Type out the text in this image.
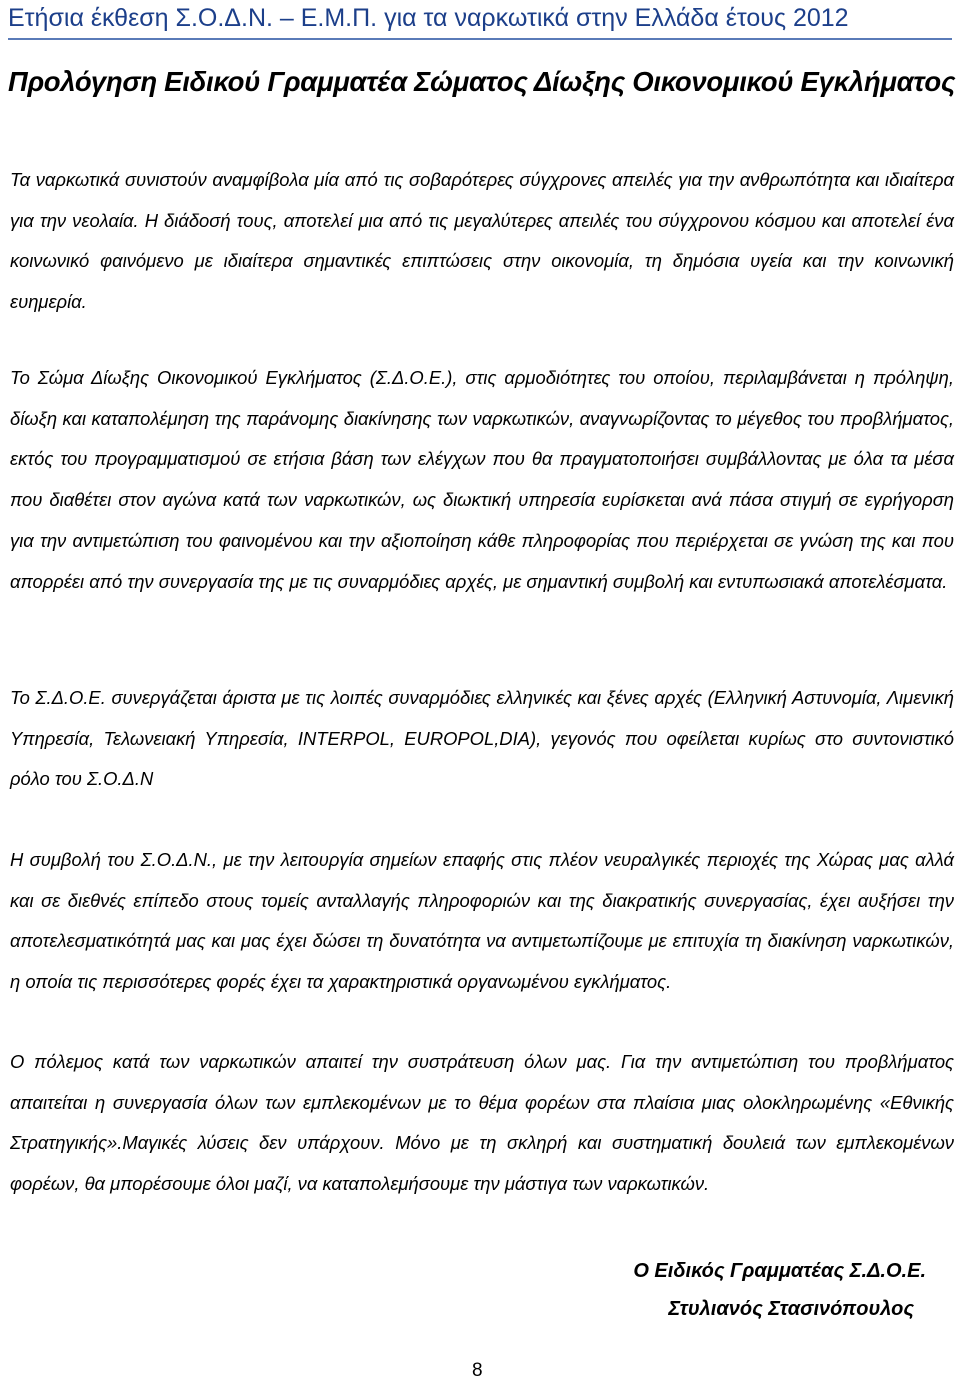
Ετήσια έκθεση Σ.Ο.Δ.Ν. – Ε.Μ.Π. για τα ναρκωτικά στην Ελλάδα έτους 2012
Προλόγηση Ειδικού Γραμματέα Σώματος Δίωξης Οικονομικού Εγκλήματος

Τα ναρκωτικά συνιστούν αναμφίβολα μία από τις σοβαρότερες σύγχρονες απειλές για την ανθρωπότητα και ιδιαίτερα για την νεολαία. Η διάδοσή τους, αποτελεί μια από τις μεγαλύτερες απειλές του σύγχρονου κόσμου και αποτελεί ένα κοινωνικό φαινόμενο με ιδιαίτερα σημαντικές επιπτώσεις στην οικονομία, τη δημόσια υγεία και την κοινωνική ευημερία.

Το Σώμα Δίωξης Οικονομικού Εγκλήματος (Σ.Δ.Ο.Ε.), στις αρμοδιότητες του οποίου, περιλαμβάνεται η πρόληψη, δίωξη και καταπολέμηση της παράνομης διακίνησης των ναρκωτικών, αναγνωρίζοντας το μέγεθος του προβλήματος, εκτός του προγραμματισμού σε ετήσια βάση των ελέγχων που θα πραγματοποιήσει συμβάλλοντας με όλα τα μέσα που διαθέτει στον αγώνα κατά των ναρκωτικών, ως διωκτική υπηρεσία ευρίσκεται ανά πάσα στιγμή σε εγρήγορση για την αντιμετώπιση του φαινομένου και την αξιοποίηση κάθε πληροφορίας που περιέρχεται σε γνώση της και που απορρέει από την συνεργασία της με τις συναρμόδιες αρχές, με σημαντική συμβολή και εντυπωσιακά αποτελέσματα.

Το Σ.Δ.Ο.Ε. συνεργάζεται άριστα με τις λοιπές συναρμόδιες ελληνικές και ξένες αρχές (Ελληνική Αστυνομία, Λιμενική Υπηρεσία, Τελωνειακή Υπηρεσία, INTERPOL, EUROPOL,DIA), γεγονός που οφείλεται κυρίως στο συντονιστικό ρόλο του Σ.Ο.Δ.Ν

Η συμβολή του Σ.Ο.Δ.Ν., με την λειτουργία σημείων επαφής στις πλέον νευραλγικές περιοχές της Χώρας μας αλλά και σε διεθνές επίπεδο στους τομείς ανταλλαγής πληροφοριών και της διακρατικής συνεργασίας, έχει αυξήσει την αποτελεσματικότητά μας και μας έχει δώσει τη δυνατότητα να αντιμετωπίζουμε με επιτυχία τη διακίνηση ναρκωτικών, η οποία τις περισσότερες φορές έχει τα χαρακτηριστικά οργανωμένου εγκλήματος.

Ο πόλεμος κατά των ναρκωτικών απαιτεί την συστράτευση όλων μας. Για την αντιμετώπιση του προβλήματος απαιτείται η συνεργασία όλων των εμπλεκομένων με το θέμα φορέων στα πλαίσια μιας ολοκληρωμένης «Εθνικής Στρατηγικής».Μαγικές λύσεις δεν υπάρχουν. Μόνο με τη σκληρή και συστηματική δουλειά των εμπλεκομένων φορέων, θα μπορέσουμε όλοι μαζί, να καταπολεμήσουμε την μάστιγα των ναρκωτικών.

Ο Ειδικός Γραμματέας Σ.Δ.Ο.Ε.
Στυλιανός Στασινόπουλος
8
